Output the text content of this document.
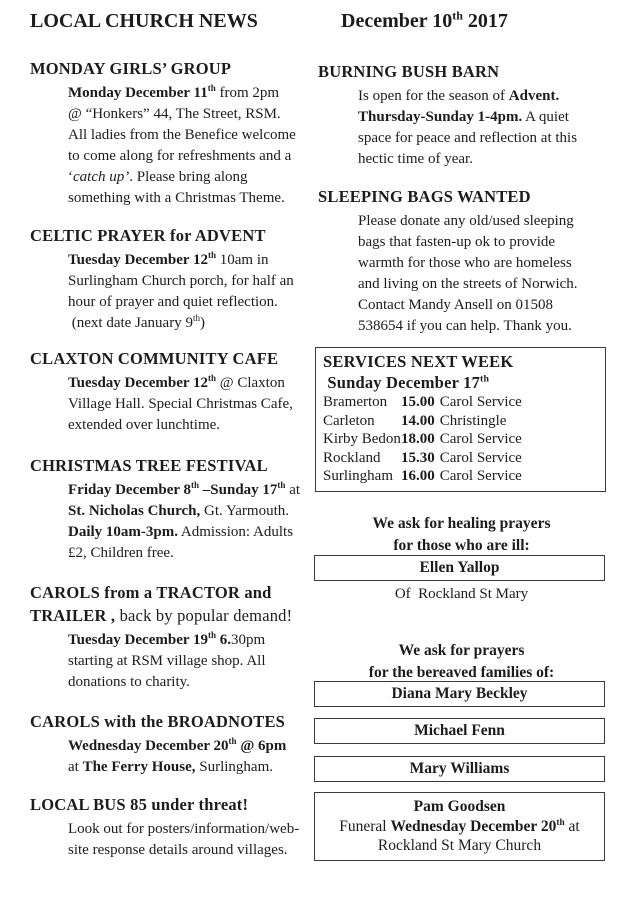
LOCAL CHURCH NEWS	December 10th 2017
MONDAY GIRLS’ GROUP
Monday December 11th from 2pm
@ “Honkers” 44, The Street, RSM.
All ladies from the Benefice welcome
to come along for refreshments and a
‘catch up’. Please bring along
something with a Christmas Theme.
CELTIC PRAYER for ADVENT
Tuesday December 12th 10am in
Surlingham Church porch, for half an
hour of prayer and quiet reflection.
(next date January 9th)
CLAXTON COMMUNITY CAFE
Tuesday December 12th @ Claxton
Village Hall. Special Christmas Cafe,
extended over lunchtime.
CHRISTMAS TREE FESTIVAL
Friday December 8th –Sunday 17th at
St. Nicholas Church, Gt. Yarmouth.
Daily 10am-3pm. Admission: Adults
£2, Children free.
CAROLS from a TRACTOR and
TRAILER , back by popular demand!
Tuesday December 19th 6.30pm
starting at RSM village shop. All
donations to charity.
CAROLS with the BROADNOTES
Wednesday December 20th @ 6pm
at The Ferry House, Surlingham.
LOCAL BUS 85 under threat!
Look out for posters/information/web-
site response details around villages.
BURNING BUSH BARN
Is open for the season of Advent.
Thursday-Sunday 1-4pm. A quiet
space for peace and reflection at this
hectic time of year.
SLEEPING BAGS WANTED
Please donate any old/used sleeping
bags that fasten-up ok to provide
warmth for those who are homeless
and living on the streets of Norwich.
Contact Mandy Ansell on 01508
538654 if you can help. Thank you.
SERVICES NEXT WEEK
Sunday December 17th
Bramerton 15.00 Carol Service
Carleton 14.00 Christingle
Kirby Bedon18.00 Carol Service
Rockland 15.30 Carol Service
Surlingham 16.00 Carol Service
We ask for healing prayers
for those who are ill:
Ellen Yallop
Of  Rockland St Mary
We ask for prayers
for the bereaved families of:
Diana Mary Beckley
Michael Fenn
Mary Williams
Pam Goodsen
Funeral Wednesday December 20th at
Rockland St Mary Church
